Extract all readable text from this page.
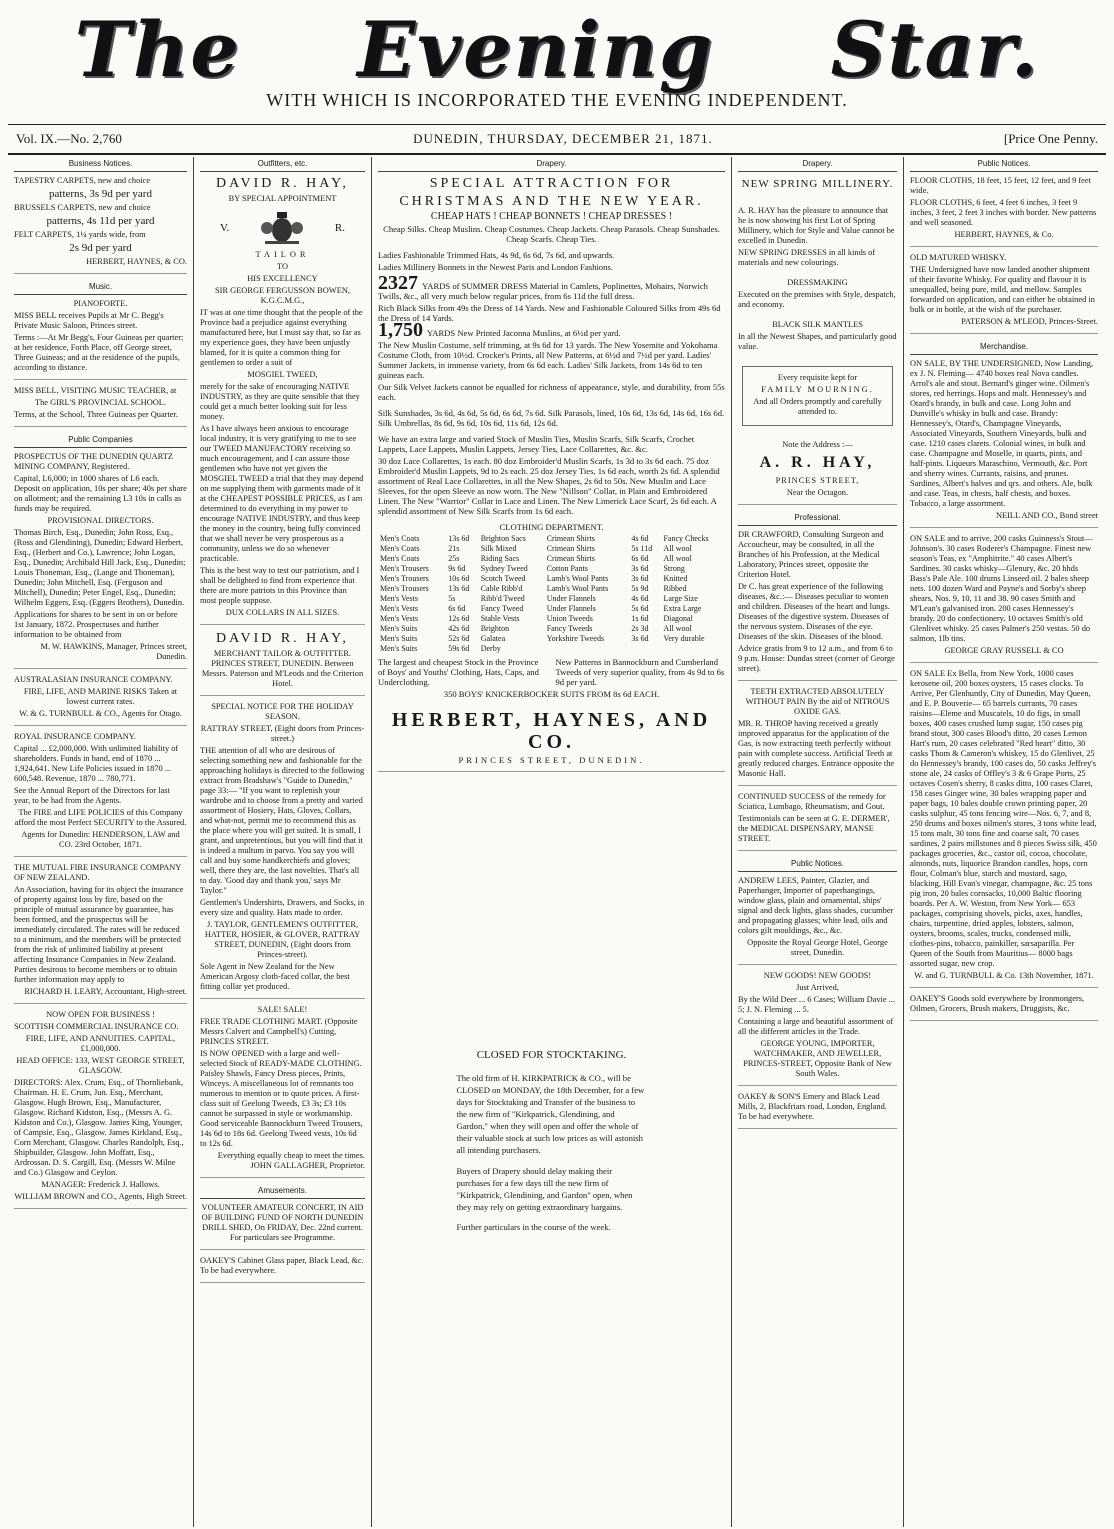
The Evening Star.
WITH WHICH IS INCORPORATED THE EVENING INDEPENDENT.
Vol. IX.—No. 2,760	DUNEDIN, THURSDAY, DECEMBER 21, 1871.	[Price One Penny.
Business Notices.

TAPESTRY CARPETS, new and choice

patterns, 3s 9d per yard

BRUSSELS CARPETS, new and choice

patterns, 4s 11d per yard

FELT CARPETS, 1¼ yards wide, from

2s 9d per yard

HERBERT, HAYNES, & CO.

Music.

PIANOFORTE.

MISS BELL receives Pupils at Mr C. Begg's Private Music Saloon, Princes street.

Terms :—At Mr Begg's, Four Guineas per quarter; at her residence, Forth Place, off George street, Three Guineas; and at the residence of the pupils, according to distance.

MISS BELL, VISITING MUSIC TEACHER, at

The GIRL'S PROVINCIAL SCHOOL.

Terms, at the School, Three Guineas per Quarter.

Public Companies

PROSPECTUS OF THE DUNEDIN QUARTZ MINING COMPANY, Registered.

Capital, L6,000; in 1000 shares of L6 each. Deposit on application, 10s per share; 40s per share on allotment; and the remaining L3 10s in calls as funds may be required.

PROVISIONAL DIRECTORS.

Thomas Birch, Esq., Dunedin; John Ross, Esq., (Ross and Glendining), Dunedin; Edward Herbert, Esq., (Herbert and Co.), Lawrence; John Logan, Esq., Dunedin; Archibald Hill Jack, Esq., Dunedin; Louis Thoneman, Esq., (Lange and Thoneman), Dunedin; John Mitchell, Esq. (Ferguson and Mitchell), Dunedin; Peter Engel, Esq., Dunedin; Wilhelm Eggers, Esq. (Eggers Brothers), Dunedin.

Applications for shares to be sent in on or before 1st January, 1872. Prospectuses and further information to be obtained from

M. W. HAWKINS, Manager, Princes street, Dunedin.

AUSTRALASIAN INSURANCE COMPANY.

FIRE, LIFE, AND MARINE RISKS Taken at lowest current rates.

W. & G. TURNBULL & CO., Agents for Otago.

ROYAL INSURANCE COMPANY.

Capital ... £2,000,000. With unlimited liability of shareholders. Funds in hand, end of 1870 ... 1,924,641. New Life Policies issued in 1870 ... 600,548. Revenue, 1870 ... 780,771.

See the Annual Report of the Directors for last year, to be had from the Agents.

The FIRE and LIFE POLICIES of this Company afford the most Perfect SECURITY to the Assured.

Agents for Dunedin: HENDERSON, LAW and CO. 23rd October, 1871.

THE MUTUAL FIRE INSURANCE COMPANY OF NEW ZEALAND.

An Association, having for its object the insurance of property against loss by fire, based on the principle of mutual assurance by guarantee, has been formed, and the prospectus will be immediately circulated. The rates will be reduced to a minimum, and the members will be protected from the risk of unlimited liability at present affecting Insurance Companies in New Zealand. Parties desirous to become members or to obtain further information may apply to

RICHARD H. LEARY, Accountant, High-street.

NOW OPEN FOR BUSINESS !

SCOTTISH COMMERCIAL INSURANCE CO.

FIRE, LIFE, AND ANNUITIES. CAPITAL, £1,000,000.

HEAD OFFICE: 133, WEST GEORGE STREET, GLASGOW.

DIRECTORS: Alex. Crum, Esq., of Thornliebank, Chairman. H. E. Crum, Jun. Esq., Merchant, Glasgow. Hugh Brown, Esq., Manufacturer, Glasgow. Richard Kidston, Esq., (Messrs A. G. Kidston and Co.), Glasgow. James King, Younger, of Campsie, Esq., Glasgow. James Kirkland, Esq., Corn Merchant, Glasgow. Charles Randolph, Esq., Shipbuilder, Glasgow. John Moffatt, Esq., Ardrossan. D. S. Cargill, Esq. (Messrs W. Milne and Co.) Glasgow and Ceylon.

MANAGER: Frederick J. Hallows.

WILLIAM BROWN and CO., Agents, High Street.

Outfitters, etc.

DAVID R. HAY,

BY SPECIAL APPOINTMENT

V.	R.

TAILOR

TO

HIS EXCELLENCY

SIR GEORGE FERGUSSON BOWEN, K.G.C.M.G.,

IT was at one time thought that the people of the Province had a prejudice against everything manufactured here, but I must say that, so far as my experience goes, they have been unjustly blamed, for it is quite a common thing for gentlemen to order a suit of

MOSGIEL TWEED,

merely for the sake of encouraging NATIVE INDUSTRY, as they are quite sensible that they could get a much better looking suit for less money.

As I have always been anxious to encourage local industry, it is very gratifying to me to see our TWEED MANUFACTORY receiving so much encouragement, and I can assure those gentlemen who have not yet given the MOSGIEL TWEED a trial that they may depend on me supplying them with garments made of it at the CHEAPEST POSSIBLE PRICES, as I am determined to do everything in my power to encourage NATIVE INDUSTRY, and thus keep the money in the country, being fully convinced that we shall never be very prosperous as a community, unless we do so whenever practicable.

This is the best way to test our patriotism, and I shall be delighted to find from experience that there are more patriots in this Province than most people suppose.

DUX COLLARS IN ALL SIZES.

DAVID R. HAY,

MERCHANT TAILOR & OUTFITTER. PRINCES STREET, DUNEDIN. Between Messrs. Paterson and M'Leods and the Criterion Hotel.

SPECIAL NOTICE FOR THE HOLIDAY SEASON.

RATTRAY STREET, (Eight doors from Princes-street.)

THE attention of all who are desirous of selecting something new and fashionable for the approaching holidays is directed to the following extract from Bradshaw's "Guide to Dunedin," page 33:— "If you want to replenish your wardrobe and to choose from a pretty and varied assortment of Hosiery, Hats, Gloves, Collars, and what-not, permit me to recommend this as the place where you will get suited. It is small, I grant, and unpretentious, but you will find that it is indeed a multum in parvo. You say you will call and buy some handkerchiefs and gloves; well, there they are, the last novelties. That's all to day. 'Good day and thank you,' says Mr Taylor."

Gentlemen's Undershirts, Drawers, and Socks, in every size and quality. Hats made to order.

J. TAYLOR, GENTLEMEN'S OUTFITTER, HATTER, HOSIER, & GLOVER, RATTRAY STREET, DUNEDIN, (Eight doors from Princes-street).

Sole Agent in New Zealand for the New American Argosy cloth-faced collar, the best fitting collar yet produced.

SALE! SALE!

FREE TRADE CLOTHING MART. (Opposite Messrs Calvert and Campbell's) Cutting, PRINCES STREET.

IS NOW OPENED with a large and well-selected Stock of READY-MADE CLOTHING. Paisley Shawls, Fancy Dress pieces, Prints, Winceys. A miscellaneous lot of remnants too numerous to mention or to quote prices. A first-class suit of Geelong Tweeds, £3 3s; £3 10s cannot be surpassed in style or workmanship. Good serviceable Bannockburn Tweed Trousers, 14s 6d to 18s 6d. Geelong Tweed vests, 10s 6d to 12s 6d.

Everything equally cheap to meet the times. JOHN GALLAGHER, Proprietor.

Amusements.

VOLUNTEER AMATEUR CONCERT, IN AID OF BUILDING FUND OF NORTH DUNEDIN DRILL SHED, On FRIDAY, Dec. 22nd current. For particulars see Programme.

OAKEY'S Cabinet Glass paper, Black Lead, &c. To be had everywhere.

Drapery.

SPECIAL ATTRACTION FOR

CHRISTMAS AND THE NEW YEAR.

CHEAP HATS ! CHEAP BONNETS ! CHEAP DRESSES !

Cheap Silks. Cheap Muslins. Cheap Costumes. Cheap Jackets. Cheap Parasols. Cheap Sunshades. Cheap Scarfs. Cheap Ties.

Ladies Fashionable Trimmed Hats, 4s 9d, 6s 6d, 7s 6d, and upwards.

Ladies Millinery Bonnets in the Newest Paris and London Fashions.

2327 YARDS of SUMMER DRESS Material in Camlets, Poplinettes, Mohairs, Norwich Twills, &c., all very much below regular prices, from 6s 11d the full dress.

Rich Black Silks from 49s the Dress of 14 Yards. New and Fashionable Coloured Silks from 49s 6d the Dress of 14 Yards.

1,750 YARDS New Printed Jaconna Muslins, at 6½d per yard.

The New Muslin Costume, self trimming, at 9s 6d for 13 yards. The New Yosemite and Yokohama Costume Cloth, from 10½d. Crocker's Prints, all New Patterns, at 6½d and 7½d per yard. Ladies' Summer Jackets, in immense variety, from 6s 6d each. Ladies' Silk Jackets, from 14s 6d to ten guineas each.

Our Silk Velvet Jackets cannot be equalled for richness of appearance, style, and durability, from 55s each.

Silk Sunshades, 3s 6d, 4s 6d, 5s 6d, 6s 6d, 7s 6d. Silk Parasols, lined, 10s 6d, 13s 6d, 14s 6d, 16s 6d. Silk Umbrellas, 8s 6d, 9s 6d, 10s 6d, 11s 6d, 12s 6d.

We have an extra large and varied Stock of Muslin Ties, Muslin Scarfs, Silk Scarfs, Crochet Lappets, Lace Lappets, Muslin Lappets, Jersey Ties, Lace Collarettes, &c. &c.

30 doz Lace Collarettes, 1s each. 80 doz Embroider'd Muslin Scarfs, 1s 3d to 3s 6d each. 75 doz Embroider'd Muslin Lappets, 9d to 2s each. 25 doz Jersey Ties, 1s 6d each, worth 2s 6d. A splendid assortment of Real Lace Collarettes, in all the New Shapes, 2s 6d to 50s. New Muslin and Lace Sleeves, for the open Sleeve as now worn. The New "Nillson" Collar, in Plain and Embroidered Linen. The New "Warrior" Collar in Lace and Linen. The New Limerick Lace Scarf, 2s 6d each. A splendid assortment of New Silk Scarfs from 1s 6d each.

CLOTHING DEPARTMENT.

Men's Coats	13s 6d	Brighton Sacs	Crimean Shirts	4s 6d	Fancy Checks
Men's Coats	21s	Silk Mixed	Crimean Shirts	5s 11d	All wool
Men's Coats	25s	Riding Sacs	Crimean Shirts	6s 6d	All wool
Men's Trousers	9s 6d	Sydney Tweed	Cotton Pants	3s 6d	Strong
Men's Trousers	10s 6d	Scotch Tweed	Lamb's Wool Pants	3s 6d	Knitted
Men's Trousers	13s 6d	Cable Ribb'd	Lamb's Wool Pants	5s 9d	Ribbed
Men's Vests	5s	Ribb'd Tweed	Under Flannels	4s 6d	Large Size
Men's Vests	6s 6d	Fancy Tweed	Under Flannels	5s 6d	Extra Large
Men's Vests	12s 6d	Stable Vests	Union Tweeds	1s 6d	Diagonal
Men's Suits	42s 6d	Brighton	Fancy Tweeds	2s 3d	All wool
Men's Suits	52s 6d	Galatea	Yorkshire Tweeds	3s 6d	Very durable
Men's Suits	59s 6d	Derby			

The largest and cheapest Stock in the Province of Boys' and Youths' Clothing, Hats, Caps, and Underclothing.

New Patterns in Bannockburn and Cumberland Tweeds of very superior quality, from 4s 9d to 6s 9d per yard.

350 BOYS' KNICKERBOCKER SUITS FROM 8s 6d EACH.

HERBERT, HAYNES, AND CO.

PRINCES STREET, DUNEDIN.

CLOSED FOR STOCKTAKING.

The old firm of H. KIRKPATRICK & CO., will be CLOSED on MONDAY, the 18th December, for a few days for Stocktaking and Transfer of the business to the new firm of "Kirkpatrick, Glendining, and Gardon," when they will open and offer the whole of their valuable stock at such low prices as will astonish all intending purchasers.

Buyers of Drapery should delay making their purchases for a few days till the new firm of "Kirkpatrick, Glendining, and Gardon" open, when they may rely on getting extraordinary bargains.

Further particulars in the course of the week.

Drapery.

NEW SPRING MILLINERY.

A. R. HAY has the pleasure to announce that he is now showing his first Lot of Spring Millinery, which for Style and Value cannot be excelled in Dunedin.

NEW SPRING DRESSES in all kinds of materials and new colourings.

DRESSMAKING

Executed on the premises with Style, despatch, and economy.

BLACK SILK MANTLES

In all the Newest Shapes, and particularly good value.

Every requisite kept for

FAMILY MOURNING.

And all Orders promptly and carefully attended to.

Note the Address :—

A. R. HAY,

PRINCES STREET,

Near the Octagon.

Professional.

DR CRAWFORD, Consulting Surgeon and Accoucheur, may be consulted, in all the Branches of his Profession, at the Medical Laboratory, Princes street, opposite the Criterion Hotel.

Dr C. has great experience of the following diseases, &c.:— Diseases peculiar to women and children. Diseases of the heart and lungs. Diseases of the digestive system. Diseases of the nervous system. Diseases of the eye. Diseases of the skin. Diseases of the blood.

Advice gratis from 9 to 12 a.m., and from 6 to 9 p.m. House: Dundas street (corner of George street).

TEETH EXTRACTED ABSOLUTELY WITHOUT PAIN By the aid of NITROUS OXIDE GAS.

MR. R. THROP having received a greatly improved apparatus for the application of the Gas, is now extracting teeth perfectly without pain with complete success. Artificial Teeth at greatly reduced charges. Entrance opposite the Masonic Hall.

CONTINUED SUCCESS of the remedy for Sciatica, Lumbago, Rheumatism, and Gout.

Testimonials can be seen at G. E. DERMER', the MEDICAL DISPENSARY, MANSE STREET.

Public Notices.

ANDREW LEES, Painter, Glazier, and Paperhanger, Importer of paperhangings, window glass, plain and ornamental, ships' signal and deck lights, glass shades, cucumber and propagating glasses; white lead, oils and colors gilt mouldings, &c., &c.

Opposite the Royal George Hotel, George street, Dunedin.

NEW GOODS! NEW GOODS!

Just Arrived,

By the Wild Deer ... 6 Cases; William Davie ... 5; J. N. Fleming ... 5.

Containing a large and beautiful assortment of all the different articles in the Trade.

GEORGE YOUNG, IMPORTER, WATCHMAKER, AND JEWELLER, PRINCES-STREET, Opposite Bank of New South Wales.

OAKEY & SON'S Emery and Black Lead Mills, 2, Blackfriars road, London, England. To be had everywhere.

Public Notices.

FLOOR CLOTHS, 18 feet, 15 feet, 12 feet, and 9 feet wide.

FLOOR CLOTHS, 6 feet, 4 feet 6 inches, 3 feet 9 inches, 3 feet, 2 feet 3 inches with border. New patterns and well seasoned.

HERBERT, HAYNES, & Co.

OLD MATURED WHISKY.

THE Undersigned have now landed another shipment of their favorite Whisky. For quality and flavour it is unequalled, being pure, mild, and mellow. Samples forwarded on application, and can either be obtained in bulk or in bottle, at the wish of the purchaser.

PATERSON & M'LEOD, Princes-Street.

Merchandise.

ON SALE, BY THE UNDERSIGNED, Now Landing, ex J. N. Fleming— 4740 boxes real Nova candles. Arrol's ale and stout. Bernard's ginger wine. Oilmen's stores, red herrings. Hops and malt. Hennessey's and Otard's brandy, in bulk and case. Long John and Dunville's whisky in bulk and case. Brandy: Hennessey's, Otard's, Champagne Vineyards, Associated Vineyards, Southern Vineyards, bulk and case. 1210 cases clarets. Colonial wines, in bulk and case. Champagne and Moselle, in quarts, pints, and half-pints. Liqueurs Maraschino, Vermouth, &c. Port and sherry wines. Currants, raisins, and prunes. Sardines, Albert's halves and qrs. and others. Ale, bulk and case. Teas, in chests, half chests, and boxes. Tobacco, a large assortment.

NEILL AND CO., Bond street

ON SALE and to arrive, 200 casks Guinness's Stout—Johnson's. 30 cases Roderer's Champagne. Finest new season's Teas, ex "Amphitrite." 40 cases Albert's Sardines. 30 casks whisky—Glenury, &c. 20 hhds Bass's Pale Ale. 100 drums Linseed oil. 2 bales sheep nets. 100 dozen Ward and Payne's and Sorby's sheep shears, Nos. 9, 10, 11 and 38. 90 cases Smith and M'Lean's galvanised iron. 200 cases Hennessey's brandy. 20 do confectionery. 10 octaves Smith's old Glenlivet whisky. 25 cases Palmer's 250 vestas. 50 do salmon, 1lb tins.

GEORGE GRAY RUSSELL & CO

ON SALE Ex Bella, from New York, 1000 cases kerosene oil, 200 boxes oysters, 15 cases clocks. To Arrive, Per Glenhuntly, City of Dunedin, May Queen, and E. P. Bouverie— 65 barrels currants, 70 cases raisins—Eleme and Muscatels, 10 do figs, in small boxes, 400 cases crushed lump sugar, 150 cases pig brand stout, 300 cases Blood's ditto, 20 cases Lemon Hart's rum, 20 cases celebrated "Red heart" ditto, 30 casks Thom & Cameron's whiskey, 15 do Glenlivet, 25 do Hennessey's brandy, 100 cases do, 50 casks Jeffrey's stone ale, 24 casks of Offley's 3 & 6 Grape Ports, 25 octaves Cosen's sherry, 8 casks ditto, 100 cases Claret, 158 cases Ginger wine, 30 bales wrapping paper and paper bags, 10 bales double crown printing paper, 20 casks sulphur, 45 tons fencing wire—Nos. 6, 7, and 8, 250 drums and boxes oilmen's stores, 3 tons white lead, 15 tons malt, 30 tons fine and coarse salt, 70 cases sardines, 2 pairs millstones and 8 pieces Swiss silk, 450 packages groceries, &c., castor oil, cocoa, chocolate, almonds, nuts, liquorice Brandon candles, hops, corn flour, Colman's blue, starch and mustard, sago, blacking, Hill Evan's vinegar, champagne, &c. 25 tons pig iron, 20 bales cornsacks, 10,000 Baltic flooring boards. Per A. W. Weston, from New York— 653 packages, comprising shovels, picks, axes, handles, chairs, turpentine, dried apples, lobsters, salmon, oysters, brooms, scales, trucks, condensed milk, clothes-pins, tobacco, painkiller, sarsaparilla. Per Queen of the South from Mauritius— 8000 bags assorted sugar, new crop.

W. and G. TURNBULL & Co. 13th November, 1871.

OAKEY'S Goods sold everywhere by Ironmongers, Oilmen, Grocers, Brush makers, Druggists, &c.
